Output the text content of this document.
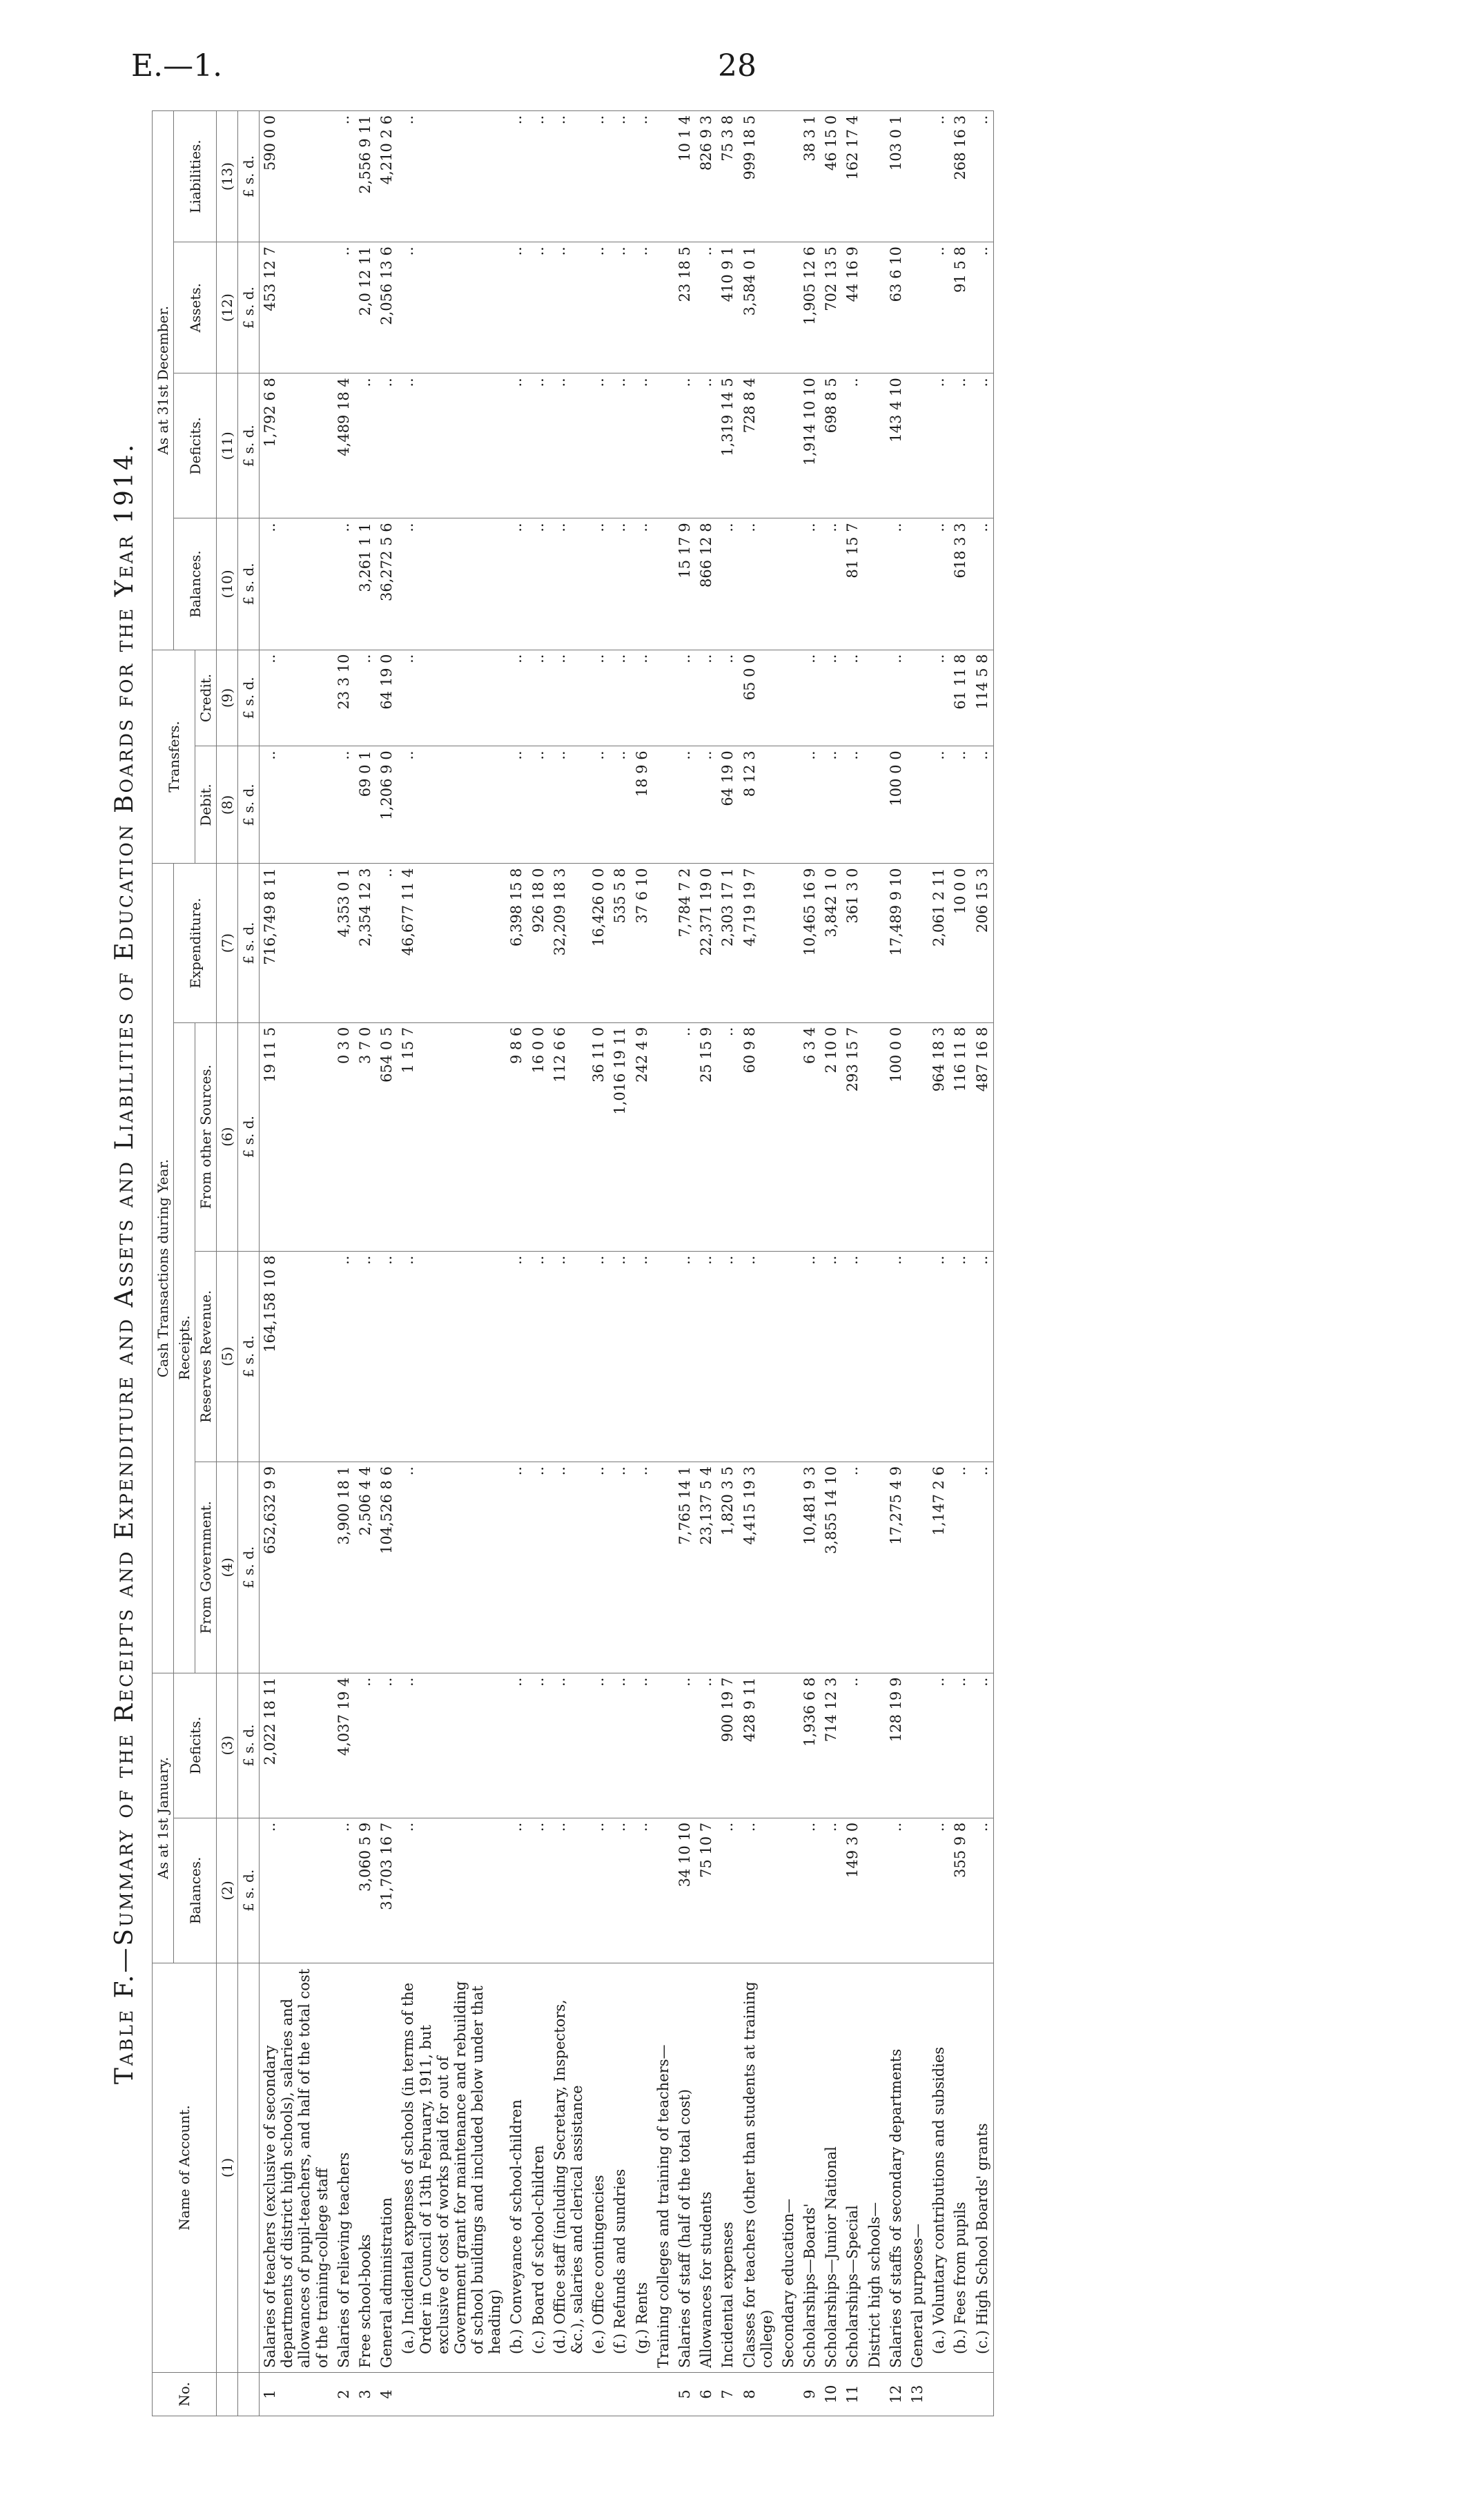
E.—1.	28
Table F.—Summary of the Receipts and Expenditure and Assets and Liabilities of Education Boards for the Year 1914.
No.	Name of Account.	As at 1st January.		Cash Transactions during Year.				Transfers.		As at 31st December.			
		Balances.	Deficits.	Receipts.			Expenditure.			Balances.	Deficits.	Assets.	Liabilities.
				From Government.	Reserves Revenue.	From other Sources.		Debit.	Credit.				
	(1)	(2)	(3)	(4)	(5)	(6)	(7)	(8)	(9)	(10)	(11)	(12)	(13)
		£ s. d.	£ s. d.	£ s. d.	£ s. d.	£ s. d.	£ s. d.	£ s. d.	£ s. d.	£ s. d.	£ s. d.	£ s. d.	£ s. d.
1	Salaries of teachers (exclusive of secondary departments of district high schools), salaries and allowances of pupil-teachers, and half of the total cost of the training-college staff	..	2,022 18 11	652,632 9 9	164,158 10 8	19 11 5	716,749 8 11	..	..	..	1,792 6 8	453 12 7	590 0 0
2	Salaries of relieving teachers	..	4,037 19 4	3,900 18 1	..	0 3 0	4,353 0 1	..	23 3 10	..	4,489 18 4	..	..
3	Free school-books	3,060 5 9	..	2,506 4 4	..	3 7 0	2,354 12 3	69 0 1	..	3,261 1 1	..	2,0 12 11	2,556 9 11
4	General administration	31,703 16 7	..	104,526 8 6	..	654 0 5	..	1,206 9 0	64 19 0	36,272 5 6	..	2,056 13 6	4,210 2 6
	(a.) Incidental expenses of schools (in terms of the Order in Council of 13th February, 1911, but exclusive of cost of works paid for out of Government grant for maintenance and rebuilding of school buildings and included below under that heading)	..	..	..	..	1 15 7	46,677 11 4	..	..	..	..	..	..
	(b.) Conveyance of school-children	..	..	..	..	9 8 6	6,398 15 8	..	..	..	..	..	..
	(c.) Board of school-children	..	..	..	..	16 0 0	926 18 0	..	..	..	..	..	..
	(d.) Office staff (including Secretary, Inspectors, &c.), salaries and clerical assistance	..	..	..	..	112 6 6	32,209 18 3	..	..	..	..	..	..
	(e.) Office contingencies	..	..	..	..	36 11 0	16,426 0 0	..	..	..	..	..	..
	(f.) Refunds and sundries	..	..	..	..	1,016 19 11	535 5 8	..	..	..	..	..	..
	(g.) Rents	..	..	..	..	242 4 9	37 6 10	18 9 6	..	..	..	..	..
	Training colleges and training of teachers—												
5	Salaries of staff (half of the total cost)	34 10 10	..	7,765 14 1	..	..	7,784 7 2	..	..	15 17 9	..	23 18 5	10 1 4
6	Allowances for students	75 10 7	..	23,137 5 4	..	25 15 9	22,371 19 0	..	..	866 12 8	..	..	826 9 3
7	Incidental expenses	..	900 19 7	1,820 3 5	..	..	2,303 17 1	64 19 0	..	..	1,319 14 5	410 9 1	75 3 8
8	Classes for teachers (other than students at training college)	..	428 9 11	4,415 19 3	..	60 9 8	4,719 19 7	8 12 3	65 0 0	..	728 8 4	3,584 0 1	999 18 5
	Secondary education—												
9	Scholarships—Boards'	..	1,936 6 8	10,481 9 3	..	6 3 4	10,465 16 9	..	..	..	1,914 10 10	1,905 12 6	38 3 1
10	Scholarships—Junior National	..	714 12 3	3,855 14 10	..	2 10 0	3,842 1 0	..	..	..	698 8 5	702 13 5	46 15 0
11	Scholarships—Special	149 3 0	..	..	..	293 15 7	361 3 0	..	..	81 15 7	..	44 16 9	162 17 4
	District high schools—												
12	Salaries of staffs of secondary departments	..	128 19 9	17,275 4 9	..	100 0 0	17,489 9 10	100 0 0	..	..	143 4 10	63 6 10	103 0 1
13	General purposes—												
	(a.) Voluntary contributions and subsidies	..	..	1,147 2 6	..	964 18 3	2,061 2 11	..	..	..	..	..	..
	(b.) Fees from pupils	355 9 8	..	..	..	116 11 8	10 0 0	..	61 11 8	618 3 3	..	91 5 8	268 16 3
	(c.) High School Boards' grants	..	..	..	..	487 16 8	206 15 3	..	114 5 8	..	..	..	..
